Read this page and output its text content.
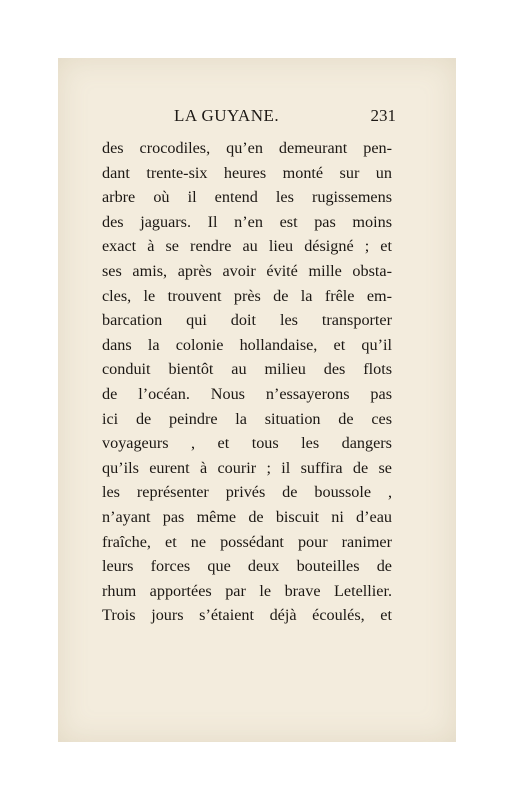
LA GUYANE.	231
des crocodiles, qu’en demeurant pen-
dant trente-six heures monté sur un
arbre où il entend les rugissemens
des jaguars. Il n’en est pas moins
exact à se rendre au lieu désigné ; et
ses amis, après avoir évité mille obsta-
cles, le trouvent près de la frêle em-
barcation qui doit les transporter
dans la colonie hollandaise, et qu’il
conduit bientôt au milieu des flots
de l’océan. Nous n’essayerons pas
ici de peindre la situation de ces
voyageurs , et tous les dangers
qu’ils eurent à courir ; il suffira de se
les représenter privés de boussole ,
n’ayant pas même de biscuit ni d’eau
fraîche, et ne possédant pour ranimer
leurs forces que deux bouteilles de
rhum apportées par le brave Letellier.
Trois jours s’étaient déjà écoulés, et
